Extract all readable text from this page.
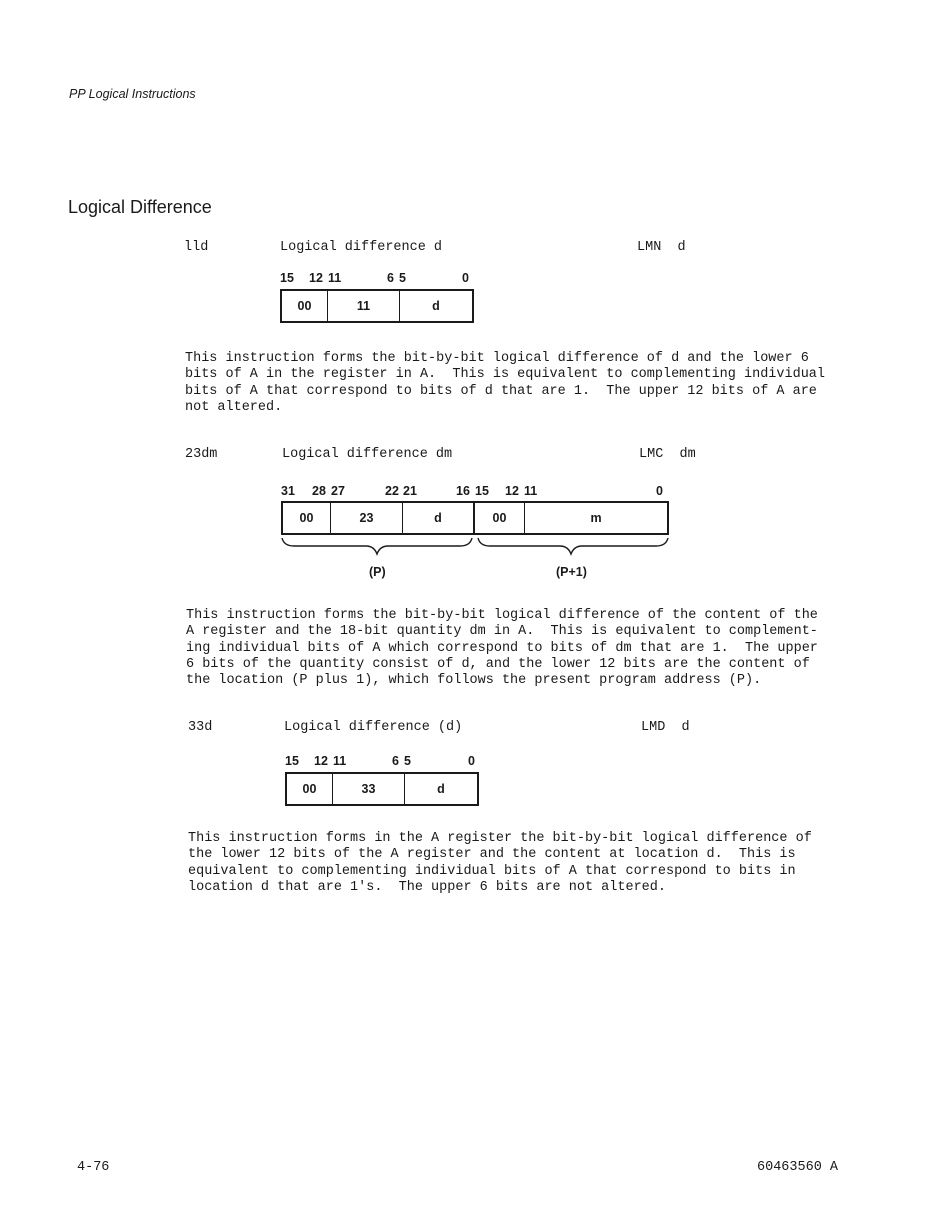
PP Logical Instructions
Logical Difference
lld	Logical difference d	LMN  d
15 12 11	6 5	0
00	11	d
This instruction forms the bit-by-bit logical difference of d and the lower 6
bits of A in the register in A.  This is equivalent to complementing individual
bits of A that correspond to bits of d that are 1.  The upper 12 bits of A are
not altered.
23dm	Logical difference dm	LMC  dm
31 28 27	22 21	16 15 12 11	0
00	23	d	00	m
(P)	(P+1)
This instruction forms the bit-by-bit logical difference of the content of the
A register and the 18-bit quantity dm in A.  This is equivalent to complement-
ing individual bits of A which correspond to bits of dm that are 1.  The upper
6 bits of the quantity consist of d, and the lower 12 bits are the content of
the location (P plus 1), which follows the present program address (P).
33d	Logical difference (d)	LMD  d
15 12 11	6 5	0
00	33	d
This instruction forms in the A register the bit-by-bit logical difference of
the lower 12 bits of the A register and the content at location d.  This is
equivalent to complementing individual bits of A that correspond to bits in
location d that are 1's.  The upper 6 bits are not altered.
4-76	60463560 A
